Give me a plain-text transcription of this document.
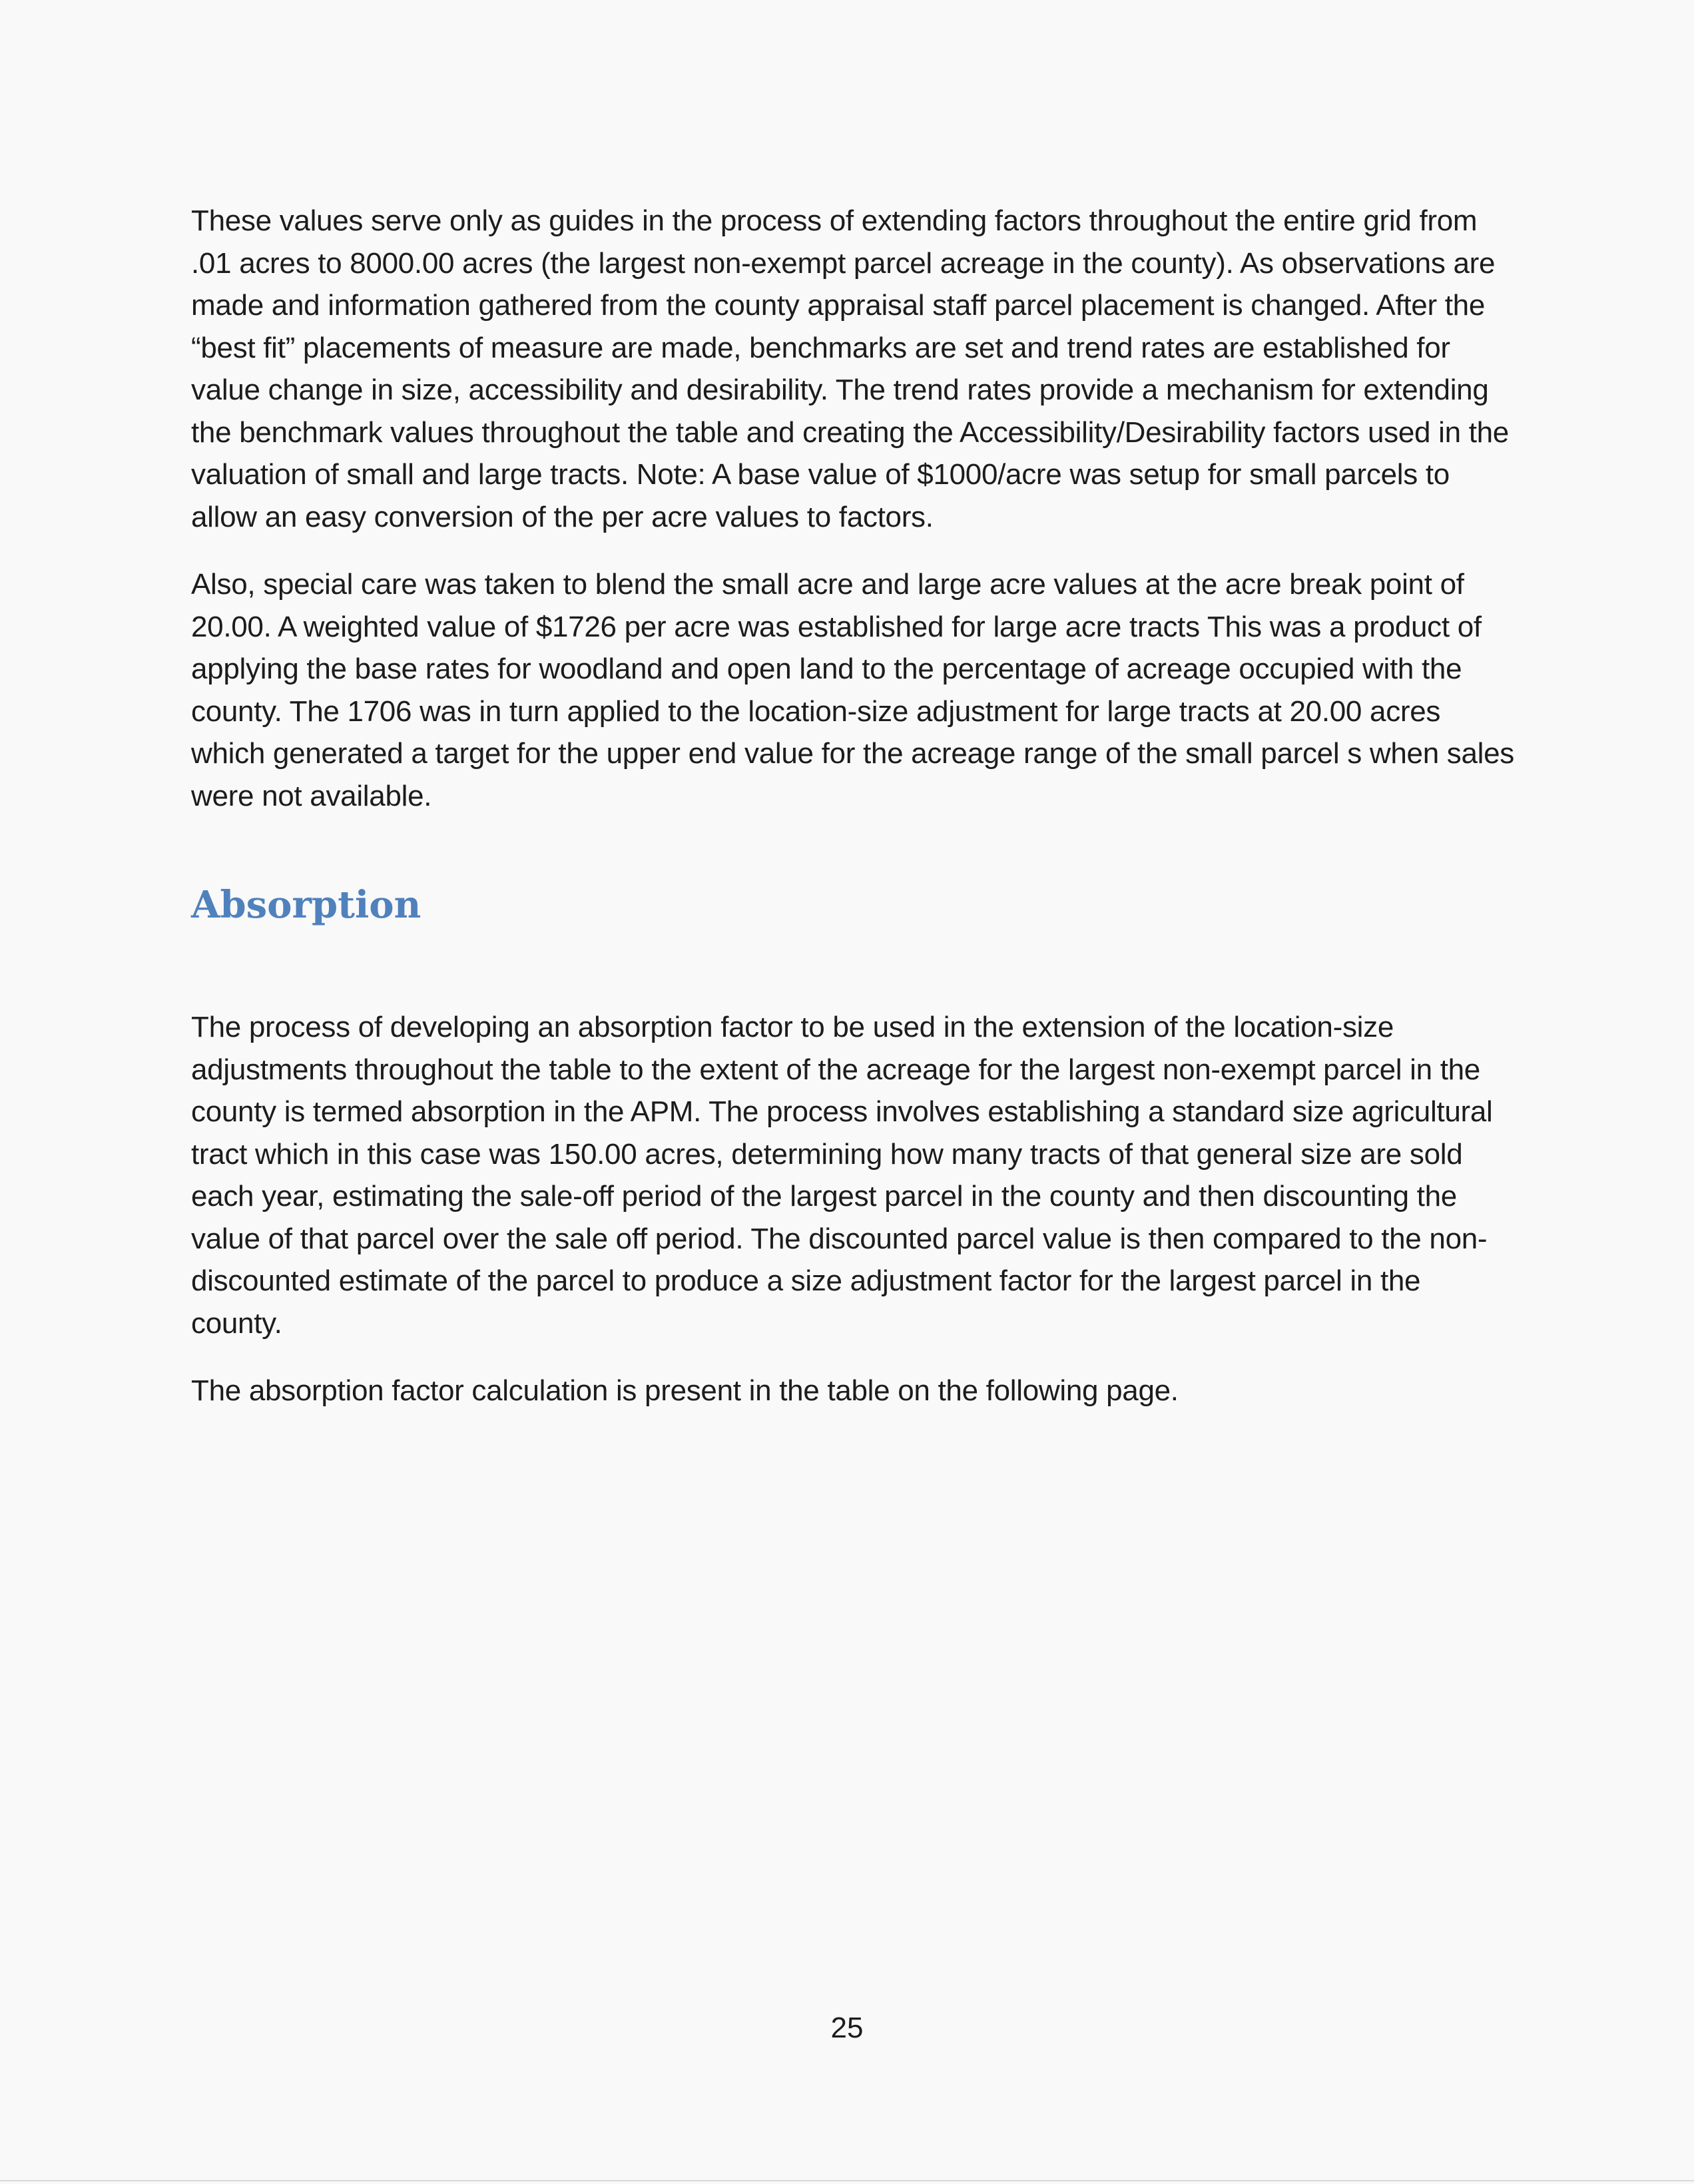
These values serve only as guides in the process of extending factors throughout the entire grid from .01 acres to 8000.00 acres (the largest non-exempt parcel acreage in the county). As observations are made and information gathered from the county appraisal staff parcel placement is changed. After the “best fit” placements of measure are made, benchmarks are set and trend rates are established for value change in size, accessibility and desirability. The trend rates provide a mechanism for extending the benchmark values throughout the table and creating the Accessibility/Desirability factors used in the valuation of small and large tracts. Note: A base value of $1000/acre was setup for small parcels to allow an easy conversion of the per acre values to factors.

Also, special care was taken to blend the small acre and large acre values at the acre break point of 20.00. A weighted value of $1726 per acre was established for large acre tracts This was a product of applying the base rates for woodland and open land to the percentage of acreage occupied with the county. The 1706 was in turn applied to the location-size adjustment for large tracts at 20.00 acres which generated a target for the upper end value for the acreage range of the small parcel s when sales were not available.

Absorption

The process of developing an absorption factor to be used in the extension of the location-size adjustments throughout the table to the extent of the acreage for the largest non-exempt parcel in the county is termed absorption in the APM. The process involves establishing a standard size agricultural tract which in this case was 150.00 acres, determining how many tracts of that general size are sold each year, estimating the sale-off period of the largest parcel in the county and then discounting the value of that parcel over the sale off period. The discounted parcel value is then compared to the non-discounted estimate of the parcel to produce a size adjustment factor for the largest parcel in the county.

The absorption factor calculation is present in the table on the following page.

25
